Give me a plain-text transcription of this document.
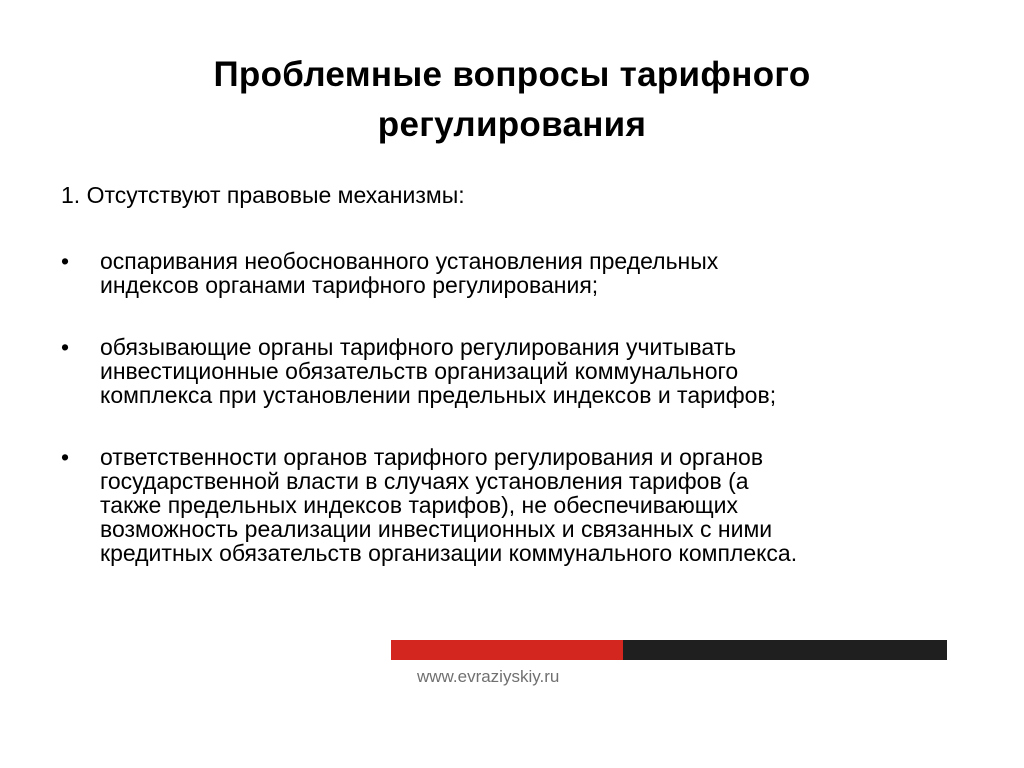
Проблемные вопросы тарифного
регулирования
1. Отсутствуют правовые механизмы:
•	оспаривания необоснованного установления предельных
индексов органами тарифного регулирования;
•	обязывающие органы тарифного регулирования учитывать
инвестиционные обязательств организаций коммунального
комплекса при установлении предельных индексов и тарифов;
•	ответственности органов тарифного регулирования и органов
государственной власти в случаях установления тарифов (а
также предельных индексов тарифов), не обеспечивающих
возможность реализации инвестиционных и связанных с ними
кредитных обязательств организации коммунального комплекса.
www.evraziyskiy.ru
